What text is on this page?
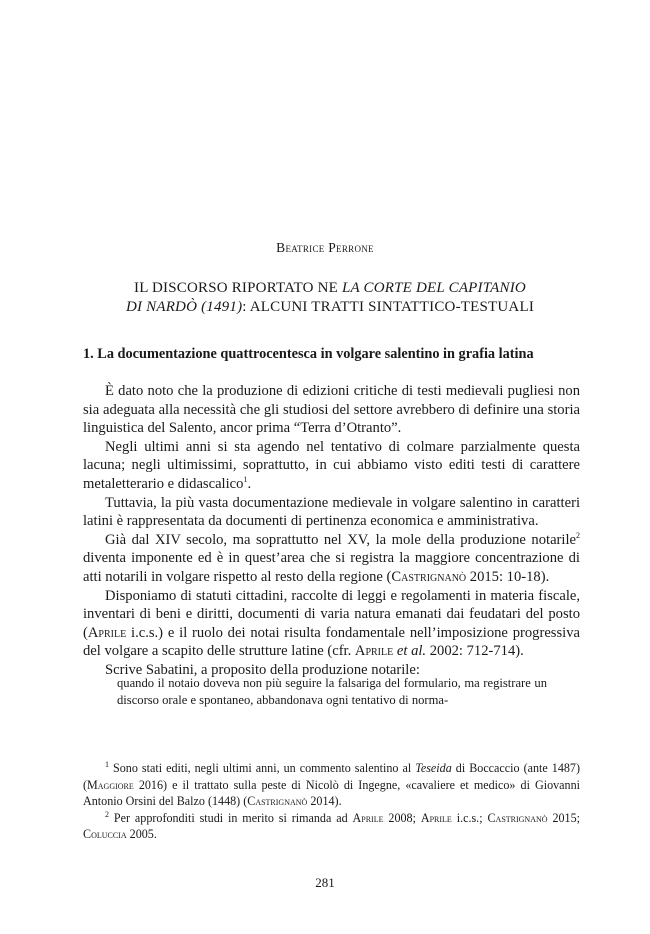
Beatrice Perrone
IL DISCORSO RIPORTATO NE LA CORTE DEL CAPITANIO
DI NARDÒ (1491): ALCUNI TRATTI SINTATTICO-TESTUALI
1. La documentazione quattrocentesca in volgare salentino in grafia latina

È dato noto che la produzione di edizioni critiche di testi medievali pugliesi non sia adeguata alla necessità che gli studiosi del settore avrebbero di definire una storia linguistica del Salento, ancor prima “Terra d’Otranto”.

Negli ultimi anni si sta agendo nel tentativo di colmare parzialmente questa lacuna; negli ultimissimi, soprattutto, in cui abbiamo visto editi testi di carattere metaletterario e didascalico$^1$.

Tuttavia, la più vasta documentazione medievale in volgare salentino in caratteri latini è rappresentata da documenti di pertinenza economica e amministrativa.

Già dal XIV secolo, ma soprattutto nel XV, la mole della produzione notarile$^2$ diventa imponente ed è in quest’area che si registra la maggiore concentrazione di atti notarili in volgare rispetto al resto della regione (Castrignanò 2015: 10-18).

Disponiamo di statuti cittadini, raccolte di leggi e regolamenti in materia fiscale, inventari di beni e diritti, documenti di varia natura emanati dai feudatari del posto (Aprile i.c.s.) e il ruolo dei notai risulta fondamentale nell’imposizione progressiva del volgare a scapito delle strutture latine (cfr. Aprile et al. 2002: 712-714).

Scrive Sabatini, a proposito della produzione notarile:

quando il notaio doveva non più seguire la falsariga del formulario, ma registrare un discorso orale e spontaneo, abbandonava ogni tentativo di norma-

$^1$ Sono stati editi, negli ultimi anni, un commento salentino al Teseida di Boccaccio (ante 1487) (Maggiore 2016) e il trattato sulla peste di Nicolò di Ingegne, «cavaliere et medico» di Giovanni Antonio Orsini del Balzo (1448) (Castrignanò 2014).

$^2$ Per approfonditi studi in merito si rimanda ad Aprile 2008; Aprile i.c.s.; Castrignanò 2015; Coluccia 2005.

281
